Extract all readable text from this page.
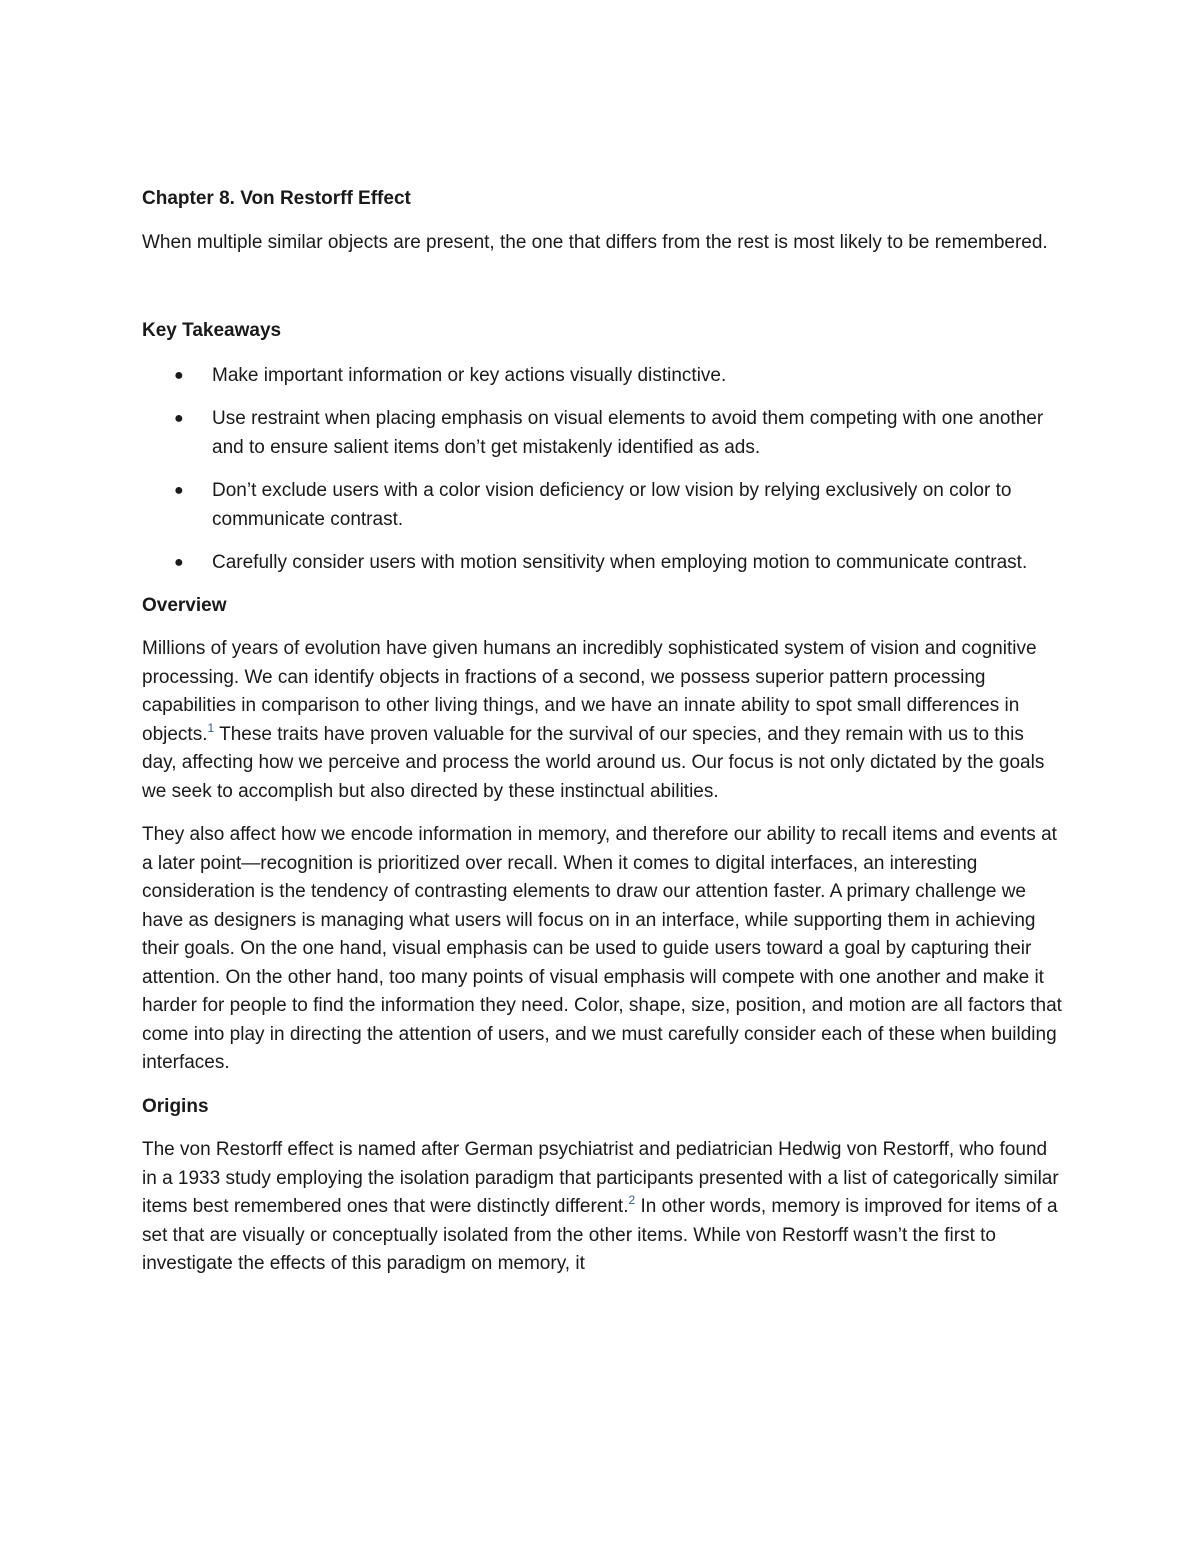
Chapter 8. Von Restorff Effect

When multiple similar objects are present, the one that differs from the rest is most likely to be remembered.

Key Takeaways
● Make important information or key actions visually distinctive.
● Use restraint when placing emphasis on visual elements to avoid them competing with one another and to ensure salient items don’t get mistakenly identified as ads.
● Don’t exclude users with a color vision deficiency or low vision by relying exclusively on color to communicate contrast.
● Carefully consider users with motion sensitivity when employing motion to communicate contrast.
Overview

Millions of years of evolution have given humans an incredibly sophisticated system of vision and cognitive processing. We can identify objects in fractions of a second, we possess superior pattern processing capabilities in comparison to other living things, and we have an innate ability to spot small differences in objects.$^1$ These traits have proven valuable for the survival of our species, and they remain with us to this day, affecting how we perceive and process the world around us. Our focus is not only dictated by the goals we seek to accomplish but also directed by these instinctual abilities.

They also affect how we encode information in memory, and therefore our ability to recall items and events at a later point—recognition is prioritized over recall. When it comes to digital interfaces, an interesting consideration is the tendency of contrasting elements to draw our attention faster. A primary challenge we have as designers is managing what users will focus on in an interface, while supporting them in achieving their goals. On the one hand, visual emphasis can be used to guide users toward a goal by capturing their attention. On the other hand, too many points of visual emphasis will compete with one another and make it harder for people to find the information they need. Color, shape, size, position, and motion are all factors that come into play in directing the attention of users, and we must carefully consider each of these when building interfaces.

Origins

The von Restorff effect is named after German psychiatrist and pediatrician Hedwig von Restorff, who found in a 1933 study employing the isolation paradigm that participants presented with a list of categorically similar items best remembered ones that were distinctly different.$^2$ In other words, memory is improved for items of a set that are visually or conceptually isolated from the other items. While von Restorff wasn’t the first to investigate the effects of this paradigm on memory, it
